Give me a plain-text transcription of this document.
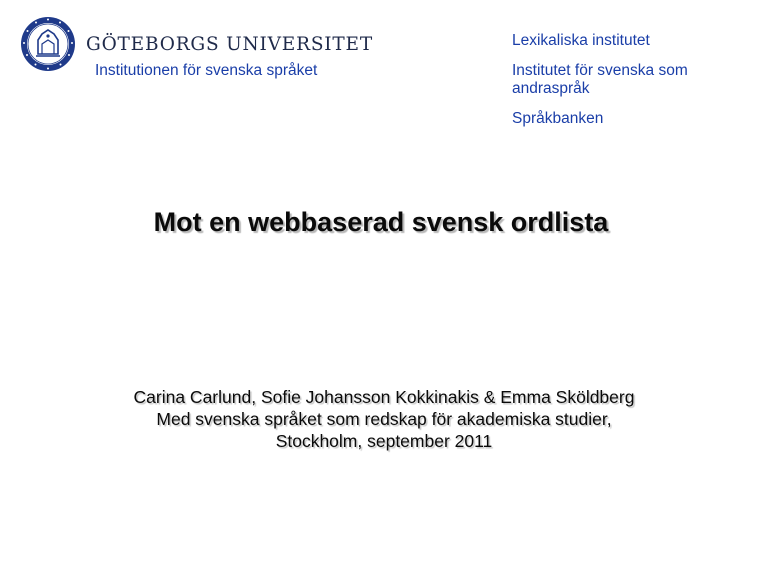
GÖTEBORGS UNIVERSITET
Institutionen för svenska språket
Lexikaliska institutet
Institutet för svenska som andraspråk
Språkbanken
Mot en webbaserad svensk ordlista
Carina Carlund, Sofie Johansson Kokkinakis & Emma Sköldberg
Med svenska språket som redskap för akademiska studier,
Stockholm, september 2011
